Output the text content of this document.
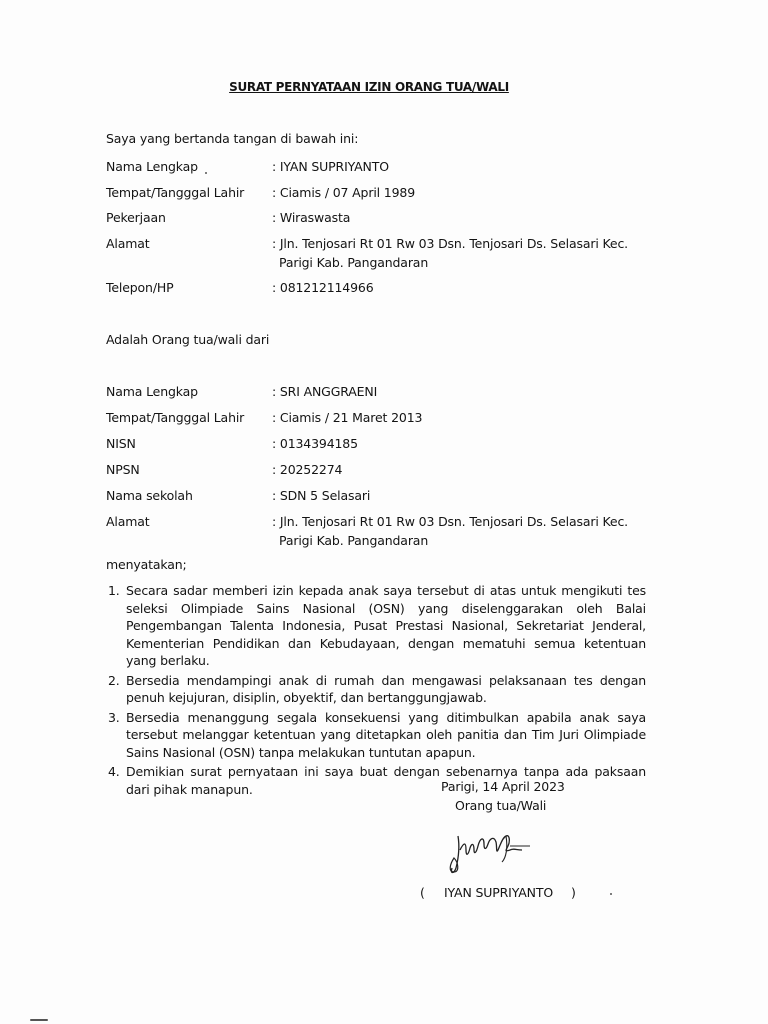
SURAT PERNYATAAN IZIN ORANG TUA/WALI
Saya yang bertanda tangan di bawah ini:
Nama Lengkap	: IYAN SUPRIYANTO
Tempat/Tangggal Lahir	: Ciamis / 07 April 1989
Pekerjaan	: Wiraswasta
Alamat	: Jln. Tenjosari Rt 01 Rw 03 Dsn. Tenjosari Ds. Selasari Kec.
Parigi Kab. Pangandaran
Telepon/HP	: 081212114966
Adalah Orang tua/wali dari
Nama Lengkap	: SRI ANGGRAENI
Tempat/Tangggal Lahir	: Ciamis / 21 Maret 2013
NISN	: 0134394185
NPSN	: 20252274
Nama sekolah	: SDN 5 Selasari
Alamat	: Jln. Tenjosari Rt 01 Rw 03 Dsn. Tenjosari Ds. Selasari Kec.
Parigi Kab. Pangandaran
menyatakan;
1. Secara sadar memberi izin kepada anak saya tersebut di atas untuk mengikuti tes seleksi Olimpiade Sains Nasional (OSN) yang diselenggarakan oleh Balai Pengembangan Talenta Indonesia, Pusat Prestasi Nasional, Sekretariat Jenderal, Kementerian Pendidikan dan Kebudayaan, dengan mematuhi semua ketentuan yang berlaku.
2. Bersedia mendampingi anak di rumah dan mengawasi pelaksanaan tes dengan penuh kejujuran, disiplin, obyektif, dan bertanggungjawab.
3. Bersedia menanggung segala konsekuensi yang ditimbulkan apabila anak saya tersebut melanggar ketentuan yang ditetapkan oleh panitia dan Tim Juri Olimpiade Sains Nasional (OSN) tanpa melakukan tuntutan apapun.
4. Demikian surat pernyataan ini saya buat dengan sebenarnya tanpa ada paksaan dari pihak manapun.	Parigi, 14 April 2023
Orang tua/Wali
( IYAN SUPRIYANTO )
